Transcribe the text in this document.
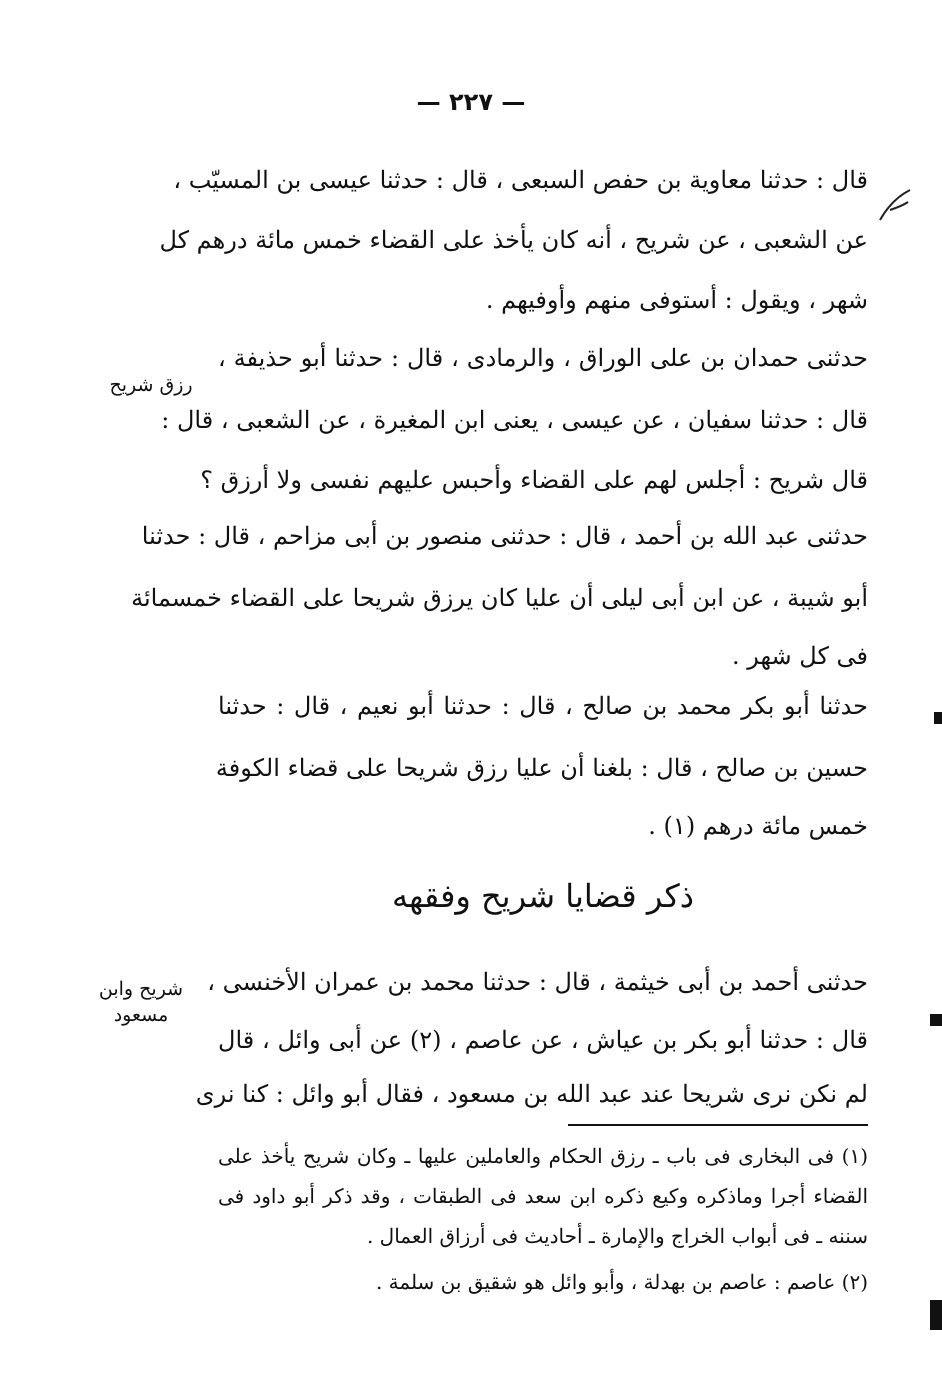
— ٢٢٧ —
قال : حدثنا معاوية بن حفص السبعى ، قال : حدثنا عيسى بن المسيّب ،
عن الشعبى ، عن شريح ، أنه كان يأخذ على القضاء خمس مائة درهم كل
شهر ، ويقول : أستوفى منهم وأوفيهم .
حدثنى حمدان بن على الوراق ، والرمادى ، قال : حدثنا أبو حذيفة ،
قال : حدثنا سفيان ، عن عيسى ، يعنى ابن المغيرة ، عن الشعبى ، قال :
قال شريح : أجلس لهم على القضاء وأحبس عليهم نفسى ولا أرزق ؟
رزق شريح
حدثنى عبد الله بن أحمد ، قال : حدثنى منصور بن أبى مزاحم ، قال : حدثنا
أبو شيبة ، عن ابن أبى ليلى أن عليا كان يرزق شريحا على القضاء خمسمائة
فى كل شهر .
حدثنا أبو بكر محمد بن صالح ، قال : حدثنا أبو نعيم ، قال : حدثنا
حسين بن صالح ، قال : بلغنا أن عليا رزق شريحا على قضاء الكوفة
خمس مائة درهم (١) .
ذكر قضايا شريح وفقهه
حدثنى أحمد بن أبى خيثمة ، قال : حدثنا محمد بن عمران الأخنسى ،
قال : حدثنا أبو بكر بن عياش ، عن عاصم ، (٢) عن أبى وائل ، قال
لم نكن نرى شريحا عند عبد الله بن مسعود ، فقال أبو وائل : كنا نرى
شريح وابن
مسعود
(١) فى البخارى فى باب ـ رزق الحكام والعاملين عليها ـ وكان شريح يأخذ على
القضاء أجرا وماذكره وكيع ذكره ابن سعد فى الطبقات ، وقد ذكر أبو داود فى
سننه ـ فى أبواب الخراج والإمارة ـ أحاديث فى أرزاق العمال .
(٢) عاصم : عاصم بن بهدلة ، وأبو وائل هو شقيق بن سلمة .
